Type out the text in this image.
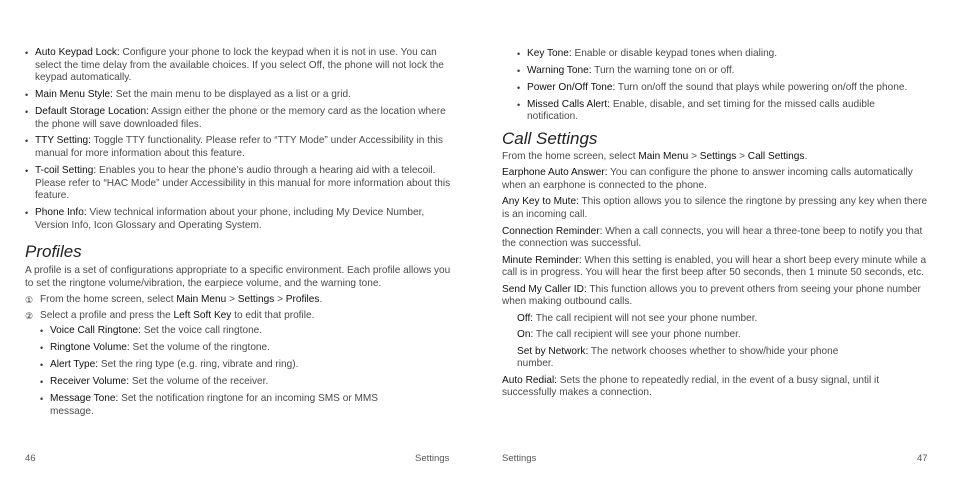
• Auto Keypad Lock: Configure your phone to lock the keypad when it is not in use. You can select the time delay from the available choices. If you select Off, the phone will not lock the keypad automatically.
• Main Menu Style: Set the main menu to be displayed as a list or a grid.
• Default Storage Location: Assign either the phone or the memory card as the location where the phone will save downloaded files.
• TTY Setting: Toggle TTY functionality. Please refer to “TTY Mode” under Accessibility in this manual for more information about this feature.
• T-coil Setting: Enables you to hear the phone’s audio through a hearing aid with a telecoil. Please refer to “HAC Mode” under Accessibility in this manual for more information about this feature.
• Phone Info: View technical information about your phone, including My Device Number, Version Info, Icon Glossary and Operating System.
Profiles

A profile is a set of configurations appropriate to a specific environment. Each profile allows you to set the ringtone volume/vibration, the earpiece volume, and the warning tone.

① From the home screen, select Main Menu > Settings > Profiles.
② Select a profile and press the Left Soft Key to edit that profile.
• Voice Call Ringtone: Set the voice call ringtone.
• Ringtone Volume: Set the volume of the ringtone.
• Alert Type: Set the ring type (e.g. ring, vibrate and ring).
• Receiver Volume: Set the volume of the receiver.
• Message Tone: Set the notification ringtone for an incoming SMS or MMS message.
46	Settings
• Key Tone: Enable or disable keypad tones when dialing.
• Warning Tone: Turn the warning tone on or off.
• Power On/Off Tone: Turn on/off the sound that plays while powering on/off the phone.
• Missed Calls Alert: Enable, disable, and set timing for the missed calls audible notification.
Call Settings

From the home screen, select Main Menu > Settings > Call Settings.

Earphone Auto Answer: You can configure the phone to answer incoming calls automatically when an earphone is connected to the phone.

Any Key to Mute: This option allows you to silence the ringtone by pressing any key when there is an incoming call.

Connection Reminder: When a call connects, you will hear a three-tone beep to notify you that the connection was successful.

Minute Reminder: When this setting is enabled, you will hear a short beep every minute while a call is in progress. You will hear the first beep after 50 seconds, then 1 minute 50 seconds, etc.

Send My Caller ID: This function allows you to prevent others from seeing your phone number when making outbound calls.

Off: The call recipient will not see your phone number.

On: The call recipient will see your phone number.

Set by Network: The network chooses whether to show/hide your phone number.

Auto Redial: Sets the phone to repeatedly redial, in the event of a busy signal, until it successfully makes a connection.

Settings	47
